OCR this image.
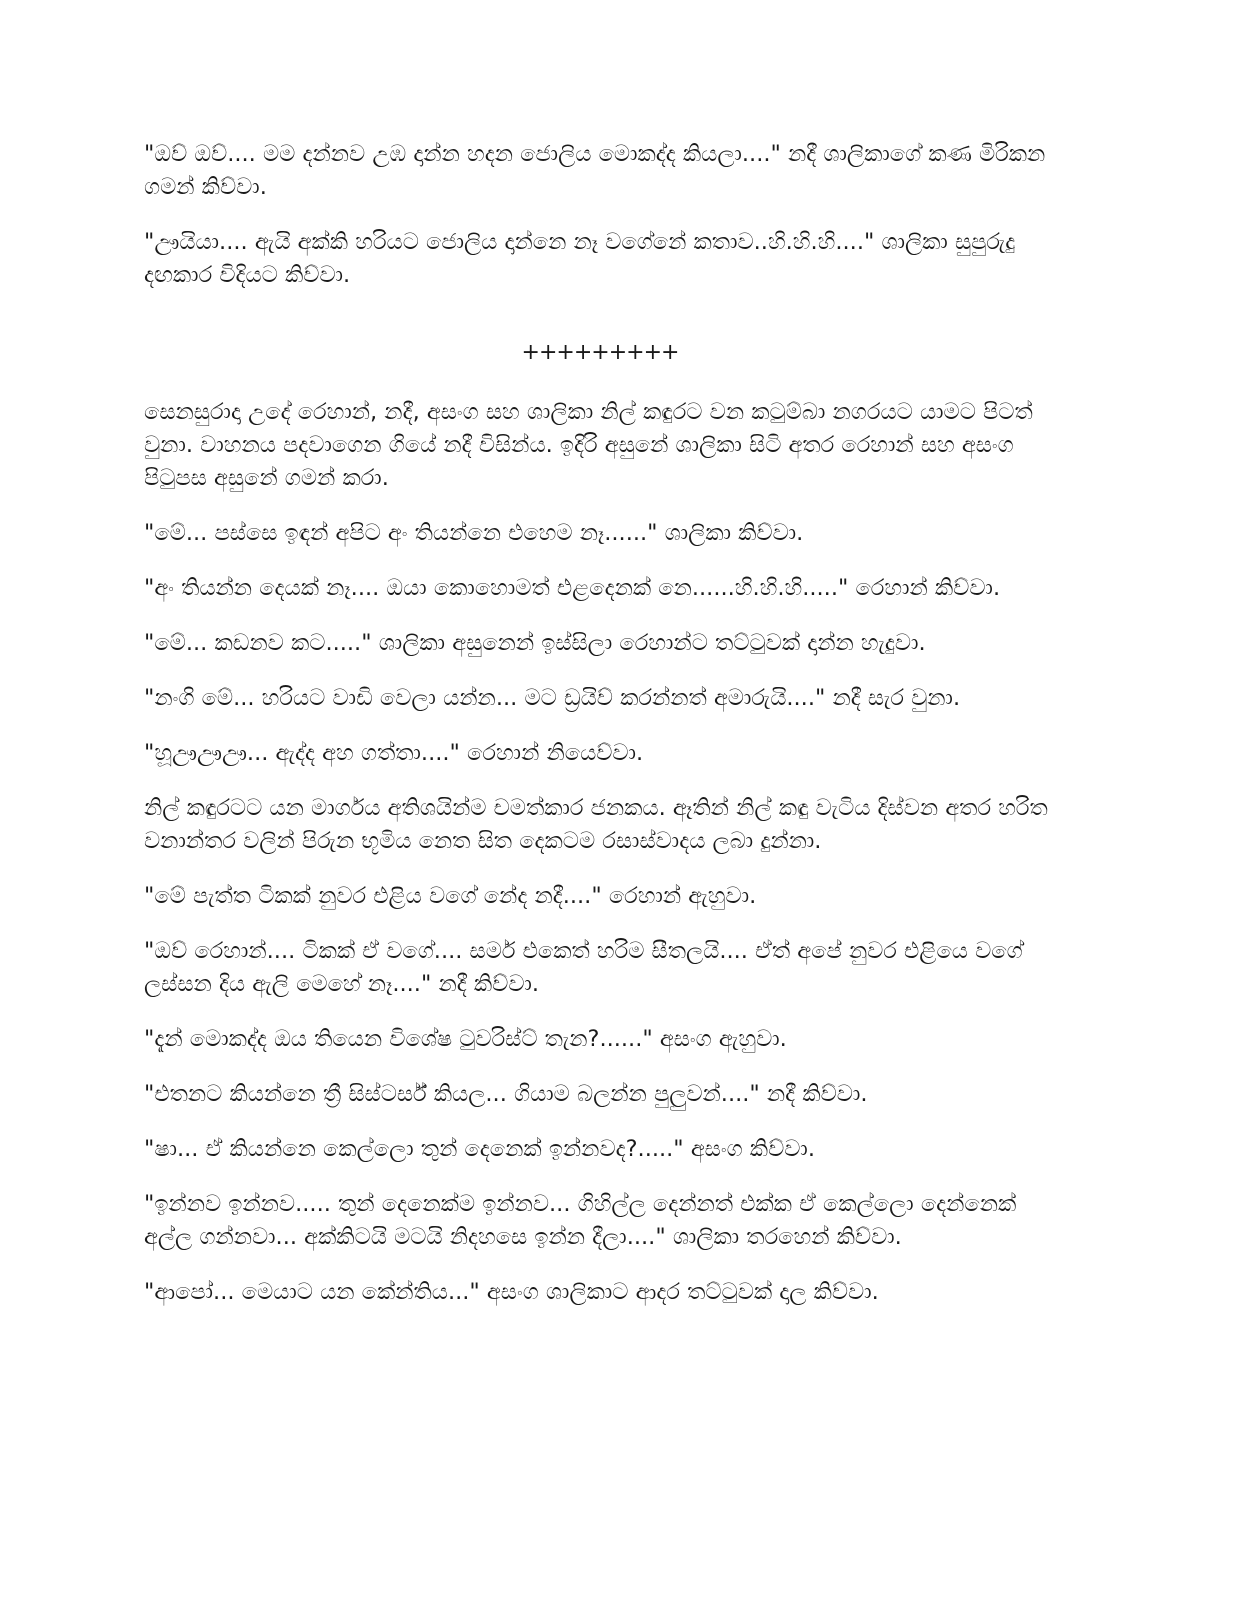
"ඔව් ඔව්.... මම දන්නව උඹ දාන්න හදන ජොලිය මොකද්ද කියලා...." නදී ශාලිකාගේ කණ මිරිකන ගමන් කිව්වා.

"ඌයියා.... ඇයි අක්කි හරියට ජොලිය දාන්නෙ නෑ වගේනේ කතාව..හි.හි.හි...." ශාලිකා සුපුරුදු දඟකාර විදියට කිව්වා.

+++++++++

සෙනසුරාදා උදේ රෙහාන්, නදී, අසංග සහ ශාලිකා නිල් කඳුරට වන කටුම්බා නගරයට යාමට පිටත් වුනා. වාහනය පදවාගෙන ගියේ නදී විසින්ය. ඉදිරි අසුනේ ශාලිකා සිටි අතර රෙහාන් සහ අසංග පිටුපස අසුනේ ගමන් කරා.

"මේ... පස්සෙ ඉඳන් අපිට අං තියන්නෙ එහෙම නෑ......" ශාලිකා කිව්වා.

"අං තියන්න දෙයක් නෑ.... ඔයා කොහොමත් එළදෙනක් නෙ......හි.හි.හි....." රෙහාන් කිව්වා.

"මේ... කඩනව කට....." ශාලිකා අසුනෙන් ඉස්සිලා රෙහාන්ට තට්ටුවක් දාන්න හැදුවා.

"නංගි මේ... හරියට වාඩි වෙලා යන්න... මට ඩ්‍රයිව් කරන්නත් අමාරුයි...." නදී සැර වුනා.

"හූඌඌඌ... ඇද්ද අහ ගත්තා...." රෙහාන් නියෙව්වා.

නිල් කඳුරටට යන මාර්ගය අතිශයින්ම චමත්කාර ජනකය. ඈතින් නිල් කඳු වැටිය දිස්වන අතර හරිත වනාන්තර වලින් පිරුන භූමිය නෙත සිත දෙකටම රසාස්වාදය ලබා දුන්නා.

"මේ පැත්ත ටිකක් නුවර එළිය වගේ නේද නදී...." රෙහාන් ඇහුවා.

"ඔව් රෙහාන්.... ටිකක් ඒ වගේ.... සමර් එකෙත් හරිම සීතලයි.... ඒත් අපේ නුවර එළියෙ වගේ ලස්සන දිය ඇලි මෙහේ නෑ...." නදී කිව්වා.

"දැන් මොකද්ද ඔය තියෙන විශේෂ ටුවරිස්ට් තැන?......" අසංග ඇහුවා.

"එතනට කියන්නෙ ත්‍රී සිස්ටර්ස් කියල... ගියාම බලන්න පුලුවන්...." නදී කිව්වා.

"ෂා... ඒ කියන්නෙ කෙල්ලො තුන් දෙනෙක් ඉන්නවද?....." අසංග කිව්වා.

"ඉන්නව ඉන්නව..... තුන් දෙනෙක්ම ඉන්නව... ගිහිල්ල දෙන්නත් එක්ක ඒ කෙල්ලො දෙන්නෙක් අල්ල ගන්නවා... අක්කිටයි මටයි නිදහසෙ ඉන්න දීලා...." ශාලිකා තරහෙන් කිව්වා.

"ආපෝ... මෙයාට යන කේන්තිය..." අසංග ශාලිකාට ආදර තට්ටුවක් දාල කිව්වා.
